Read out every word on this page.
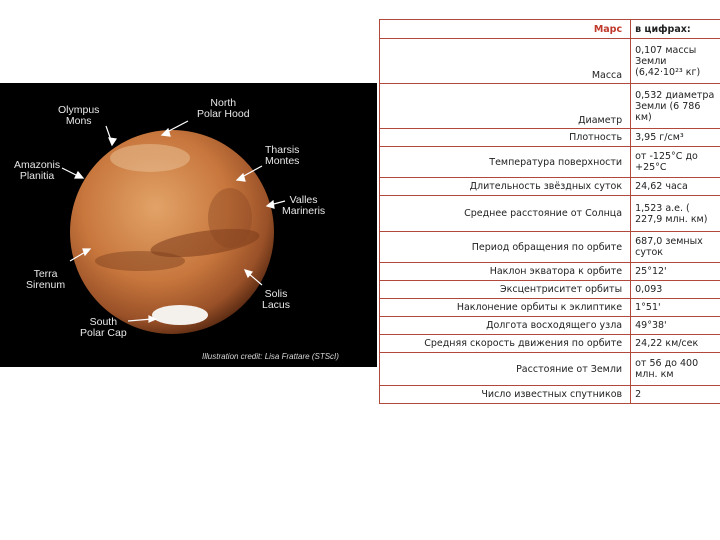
Olympus
Mons
North
Polar Hood
Amazonis
Planitia
Tharsis
Montes
Valles
Marineris
Terra
Sirenum
Solis
Lacus
South
Polar Cap
Illustration credit: Lisa Frattare (STScI)
Марс	в цифрах:
Масса	0,107 массы Земли (6,42·10²³ кг)
Диаметр	0,532 диаметра Земли (6 786 км)
Плотность	3,95 г/см³
Температура поверхности	от -125°С до +25°С
Длительность звёздных суток	24,62 часа
Среднее расстояние от Солнца	1,523 а.е. ( 227,9 млн. км)
Период обращения по орбите	687,0 земных суток
Наклон экватора к орбите	25°12'
Эксцентриситет орбиты	0,093
Наклонение орбиты к эклиптике	1°51'
Долгота восходящего узла	49°38'
Средняя скорость движения по орбите	24,22 км/сек
Расстояние от Земли	от 56 до 400 млн. км
Число известных спутников	2
